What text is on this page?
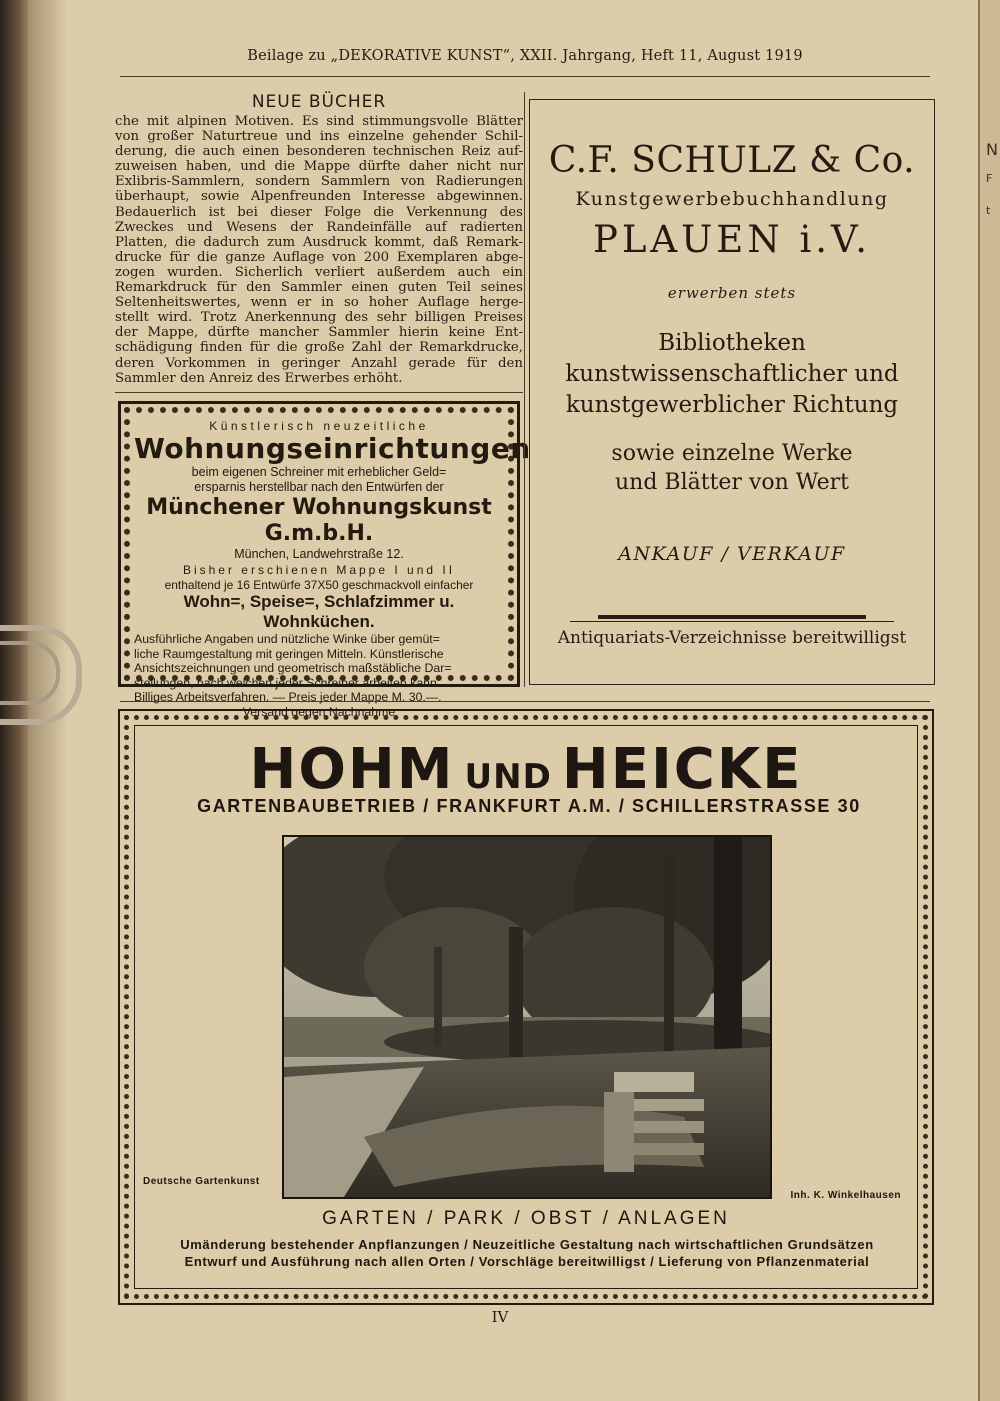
N
F
t
Beilage zu „DEKORATIVE KUNST“, XXII. Jahrgang, Heft 11, August 1919
NEUE BÜCHER
che mit alpinen Motiven. Es sind stimmungsvolle Blätter
von großer Naturtreue und ins einzelne gehender Schil-
derung, die auch einen besonderen technischen Reiz auf-
zuweisen haben, und die Mappe dürfte daher nicht nur
Exlibris-Sammlern, sondern Sammlern von Radierungen
überhaupt, sowie Alpenfreunden Interesse abgewinnen.
Bedauerlich ist bei dieser Folge die Verkennung des
Zweckes und Wesens der Randeinfälle auf radierten
Platten, die dadurch zum Ausdruck kommt, daß Remark-
drucke für die ganze Auflage von 200 Exemplaren abge-
zogen wurden. Sicherlich verliert außerdem auch ein
Remarkdruck für den Sammler einen guten Teil seines
Seltenheitswertes, wenn er in so hoher Auflage herge-
stellt wird. Trotz Anerkennung des sehr billigen Preises
der Mappe, dürfte mancher Sammler hierin keine Ent-
schädigung finden für die große Zahl der Remarkdrucke,
deren Vorkommen in geringer Anzahl gerade für den
Sammler den Anreiz des Erwerbes erhöht.
Künstlerisch neuzeitliche
Wohnungseinrichtungen
beim eigenen Schreiner mit erheblicher Geld=
ersparnis herstellbar nach den Entwürfen der
Münchener Wohnungskunst G.m.b.H.
München, Landwehrstraße 12.
Bisher erschienen Mappe I und II
enthaltend je 16 Entwürfe 37X50 geschmackvoll einfacher
Wohn=, Speise=, Schlafzimmer u. Wohnküchen.
Ausführliche Angaben und nützliche Winke über gemüt=
liche Raumgestaltung mit geringen Mitteln. Künstlerische
Ansichtszeichnungen und geometrisch maßstäbliche Dar=
stellungen, nach welchen jeder Schreiner arbeiten kann.
Billiges Arbeitsverfahren. — Preis jeder Mappe M. 30.—.
Versand gegen Nachnahme
C.F. SCHULZ & Co.
Kunstgewerbebuchhandlung
PLAUEN i.V.
erwerben stets
Bibliotheken
kunstwissenschaftlicher und
kunstgewerblicher Richtung
sowie einzelne Werke
und Blätter von Wert
ANKAUF / VERKAUF
Antiquariats-Verzeichnisse bereitwilligst
HOHM UND HEICKE
GARTENBAUBETRIEB / FRANKFURT A.M. / SCHILLERSTRASSE 30
Deutsche Gartenkunst
Inh. K. Winkelhausen
GARTEN / PARK / OBST / ANLAGEN
Umänderung bestehender Anpflanzungen / Neuzeitliche Gestaltung nach wirtschaftlichen Grundsätzen
Entwurf und Ausführung nach allen Orten / Vorschläge bereitwilligst / Lieferung von Pflanzenmaterial
IV
